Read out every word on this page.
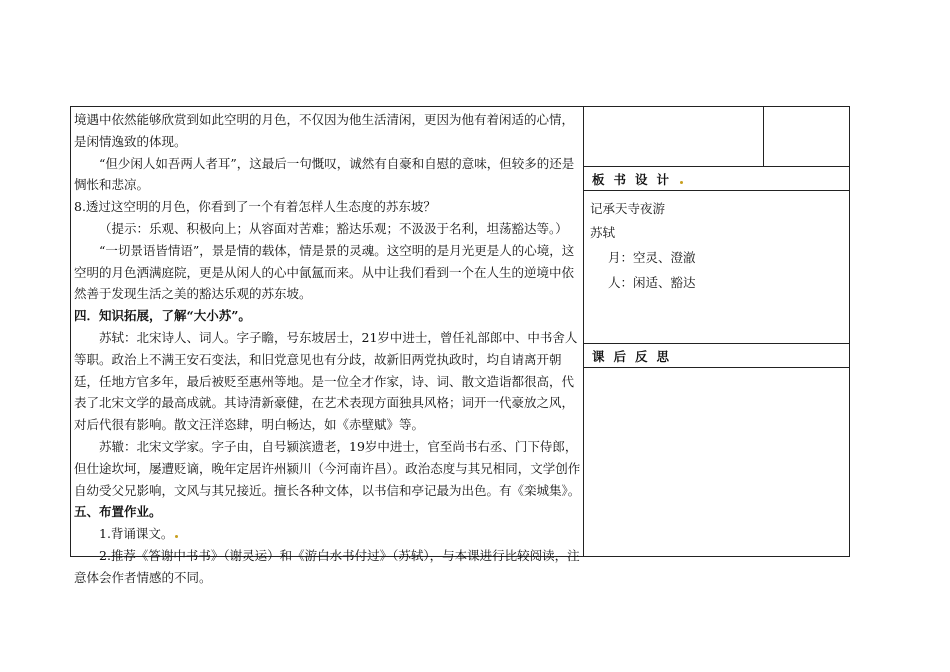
境遇中依然能够欣赏到如此空明的月色，不仅因为他生活清闲，更因为他有着闲适的心情，是闲情逸致的体现。

“但少闲人如吾两人者耳”，这最后一句慨叹，诚然有自豪和自慰的意味，但较多的还是惆怅和悲凉。

8.透过这空明的月色，你看到了一个有着怎样人生态度的苏东坡？

（提示：乐观、积极向上；从容面对苦难；豁达乐观；不汲汲于名利，坦荡豁达等。）

“一切景语皆情语”，景是情的载体，情是景的灵魂。这空明的是月光更是人的心境，这空明的月色洒满庭院，更是从闲人的心中氤氲而来。从中让我们看到一个在人生的逆境中依然善于发现生活之美的豁达乐观的苏东坡。

四．知识拓展，了解“大小苏”。

苏轼：北宋诗人、词人。字子瞻，号东坡居士，21岁中进士，曾任礼部郎中、中书舍人等职。政治上不满王安石变法，和旧党意见也有分歧，故新旧两党执政时，均自请离开朝廷，任地方官多年，最后被贬至惠州等地。是一位全才作家，诗、词、散文造诣都很高，代表了北宋文学的最高成就。其诗清新豪健，在艺术表现方面独具风格；词开一代豪放之风，对后代很有影响。散文汪洋恣肆，明白畅达，如《赤壁赋》等。

苏辙：北宋文学家。字子由，自号颍滨遗老，19岁中进士，官至尚书右丞、门下侍郎，但仕途坎坷，屡遭贬谪，晚年定居许州颍川（今河南许昌）。政治态度与其兄相同，文学创作自幼受父兄影响，文风与其兄接近。擅长各种文体，以书信和亭记最为出色。有《栾城集》。

五、布置作业。

1.背诵课文。

2.推荐《答谢中书书》（谢灵运）和《游白水书付过》（苏轼），与本课进行比较阅读，注意体会作者情感的不同。

板书设计
记承天寺夜游
苏轼
月：空灵、澄澈
人：闲适、豁达
课后反思
